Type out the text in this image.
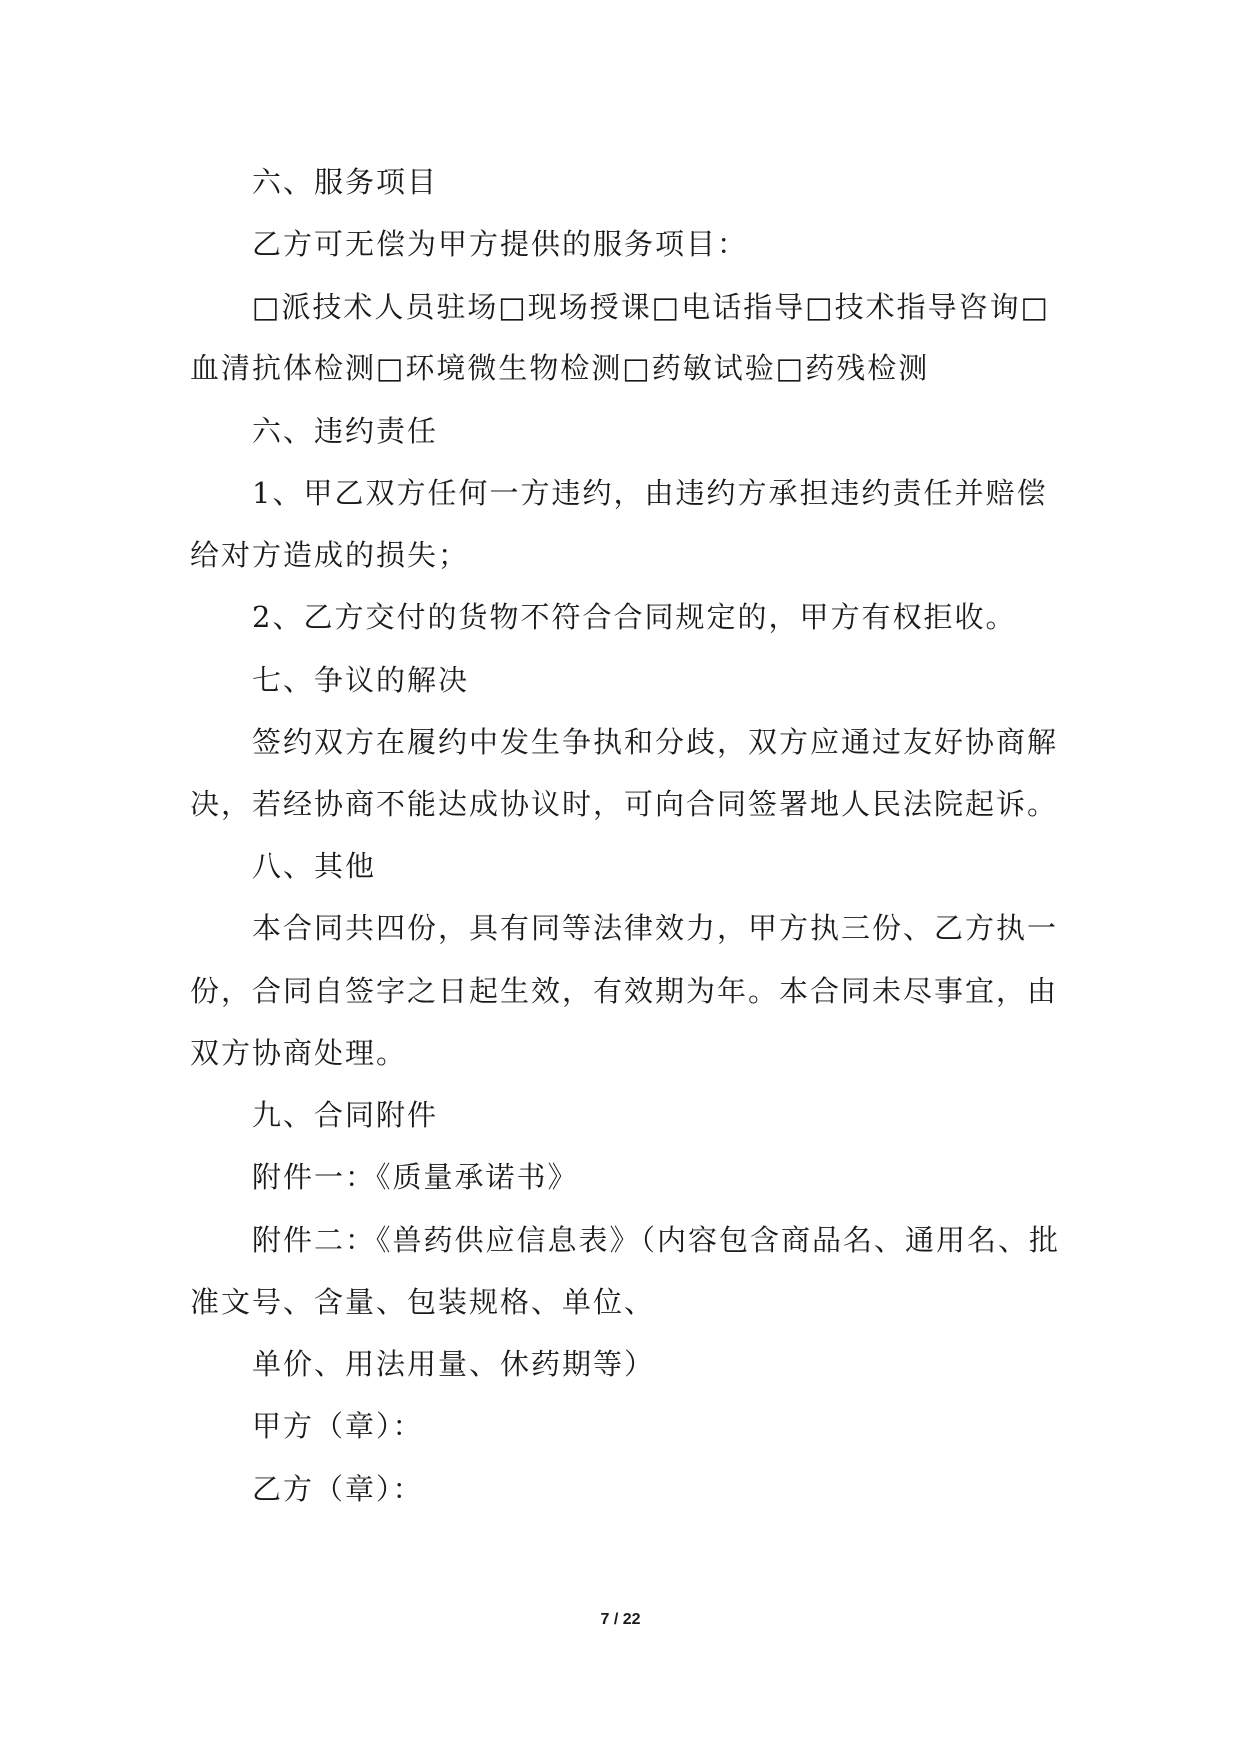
六、服务项目
乙方可无偿为甲方提供的服务项目：
□派技术人员驻场□现场授课□电话指导□技术指导咨询□
血清抗体检测□环境微生物检测□药敏试验□药残检测
六、违约责任
1、甲乙双方任何一方违约，由违约方承担违约责任并赔偿
给对方造成的损失；
2、乙方交付的货物不符合合同规定的，甲方有权拒收。
七、争议的解决
签约双方在履约中发生争执和分歧，双方应通过友好协商解
决，若经协商不能达成协议时，可向合同签署地人民法院起诉。
八、其他
本合同共四份，具有同等法律效力，甲方执三份、乙方执一
份，合同自签字之日起生效，有效期为年。本合同未尽事宜，由
双方协商处理。
九、合同附件
附件一：《质量承诺书》
附件二：《兽药供应信息表》（内容包含商品名、通用名、批
准文号、含量、包装规格、单位、
单价、用法用量、休药期等）
甲方（章）：
乙方（章）：
7 / 22
